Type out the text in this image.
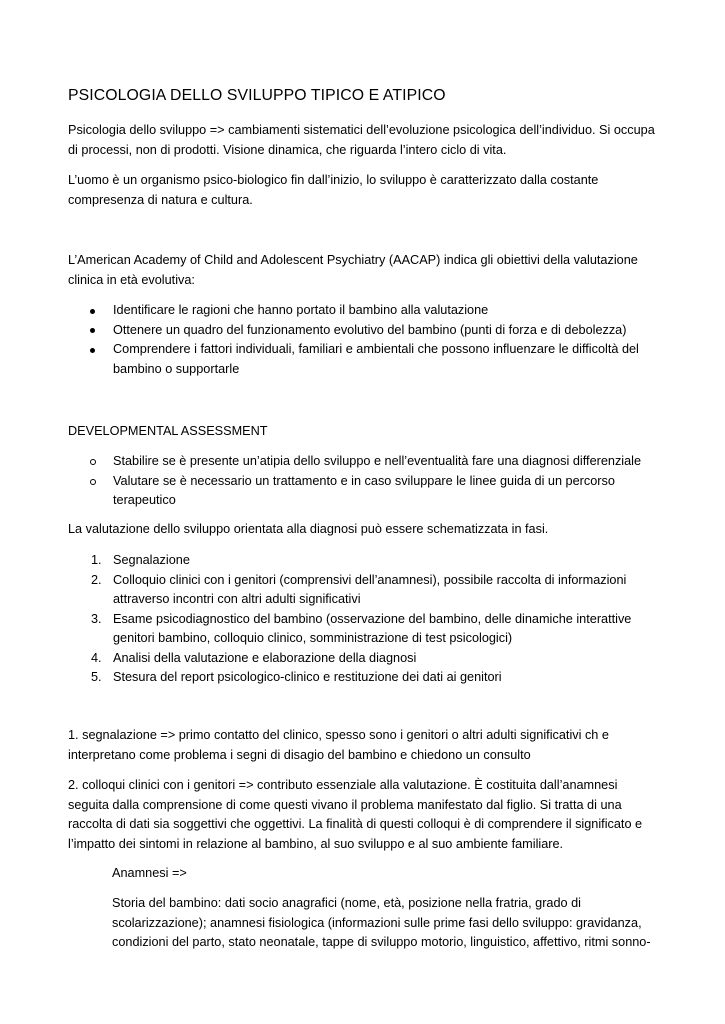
PSICOLOGIA DELLO SVILUPPO TIPICO E ATIPICO

Psicologia dello sviluppo => cambiamenti sistematici dell’evoluzione psicologica dell’individuo. Si occupa di processi, non di prodotti. Visione dinamica, che riguarda l’intero ciclo di vita.

L’uomo è un organismo psico-biologico fin dall’inizio, lo sviluppo è caratterizzato dalla costante compresenza di natura e cultura.

L’American Academy of Child and Adolescent Psychiatry (AACAP) indica gli obiettivi della valutazione clinica in età evolutiva:

Identificare le ragioni che hanno portato il bambino alla valutazione
Ottenere un quadro del funzionamento evolutivo del bambino (punti di forza e di debolezza)
Comprendere i fattori individuali, familiari e ambientali che possono influenzare le difficoltà del bambino o supportarle

DEVELOPMENTAL ASSESSMENT

Stabilire se è presente un’atipia dello sviluppo e nell’eventualità fare una diagnosi differenziale
Valutare se è necessario un trattamento e in caso sviluppare le linee guida di un percorso terapeutico

La valutazione dello sviluppo orientata alla diagnosi può essere schematizzata in fasi.

1. Segnalazione
2. Colloquio clinici con i genitori (comprensivi dell’anamnesi), possibile raccolta di informazioni attraverso incontri con altri adulti significativi
3. Esame psicodiagnostico del bambino (osservazione del bambino, delle dinamiche interattive genitori bambino, colloquio clinico, somministrazione di test psicologici)
4. Analisi della valutazione e elaborazione della diagnosi
5. Stesura del report psicologico-clinico e restituzione dei dati ai genitori

1. segnalazione => primo contatto del clinico, spesso sono i genitori o altri adulti significativi ch e interpretano come problema i segni di disagio del bambino e chiedono un consulto

2. colloqui clinici con i genitori => contributo essenziale alla valutazione. È costituita dall’anamnesi seguita dalla comprensione di come questi vivano il problema manifestato dal figlio. Si tratta di una raccolta di dati sia soggettivi che oggettivi. La finalità di questi colloqui è di comprendere il significato e l’impatto dei sintomi in relazione al bambino, al suo sviluppo e al suo ambiente familiare.

Anamnesi =>

Storia del bambino: dati socio anagrafici (nome, età, posizione nella fratria, grado di scolarizzazione); anamnesi fisiologica (informazioni sulle prime fasi dello sviluppo: gravidanza, condizioni del parto, stato neonatale, tappe di sviluppo motorio, linguistico, affettivo, ritmi sonno-
